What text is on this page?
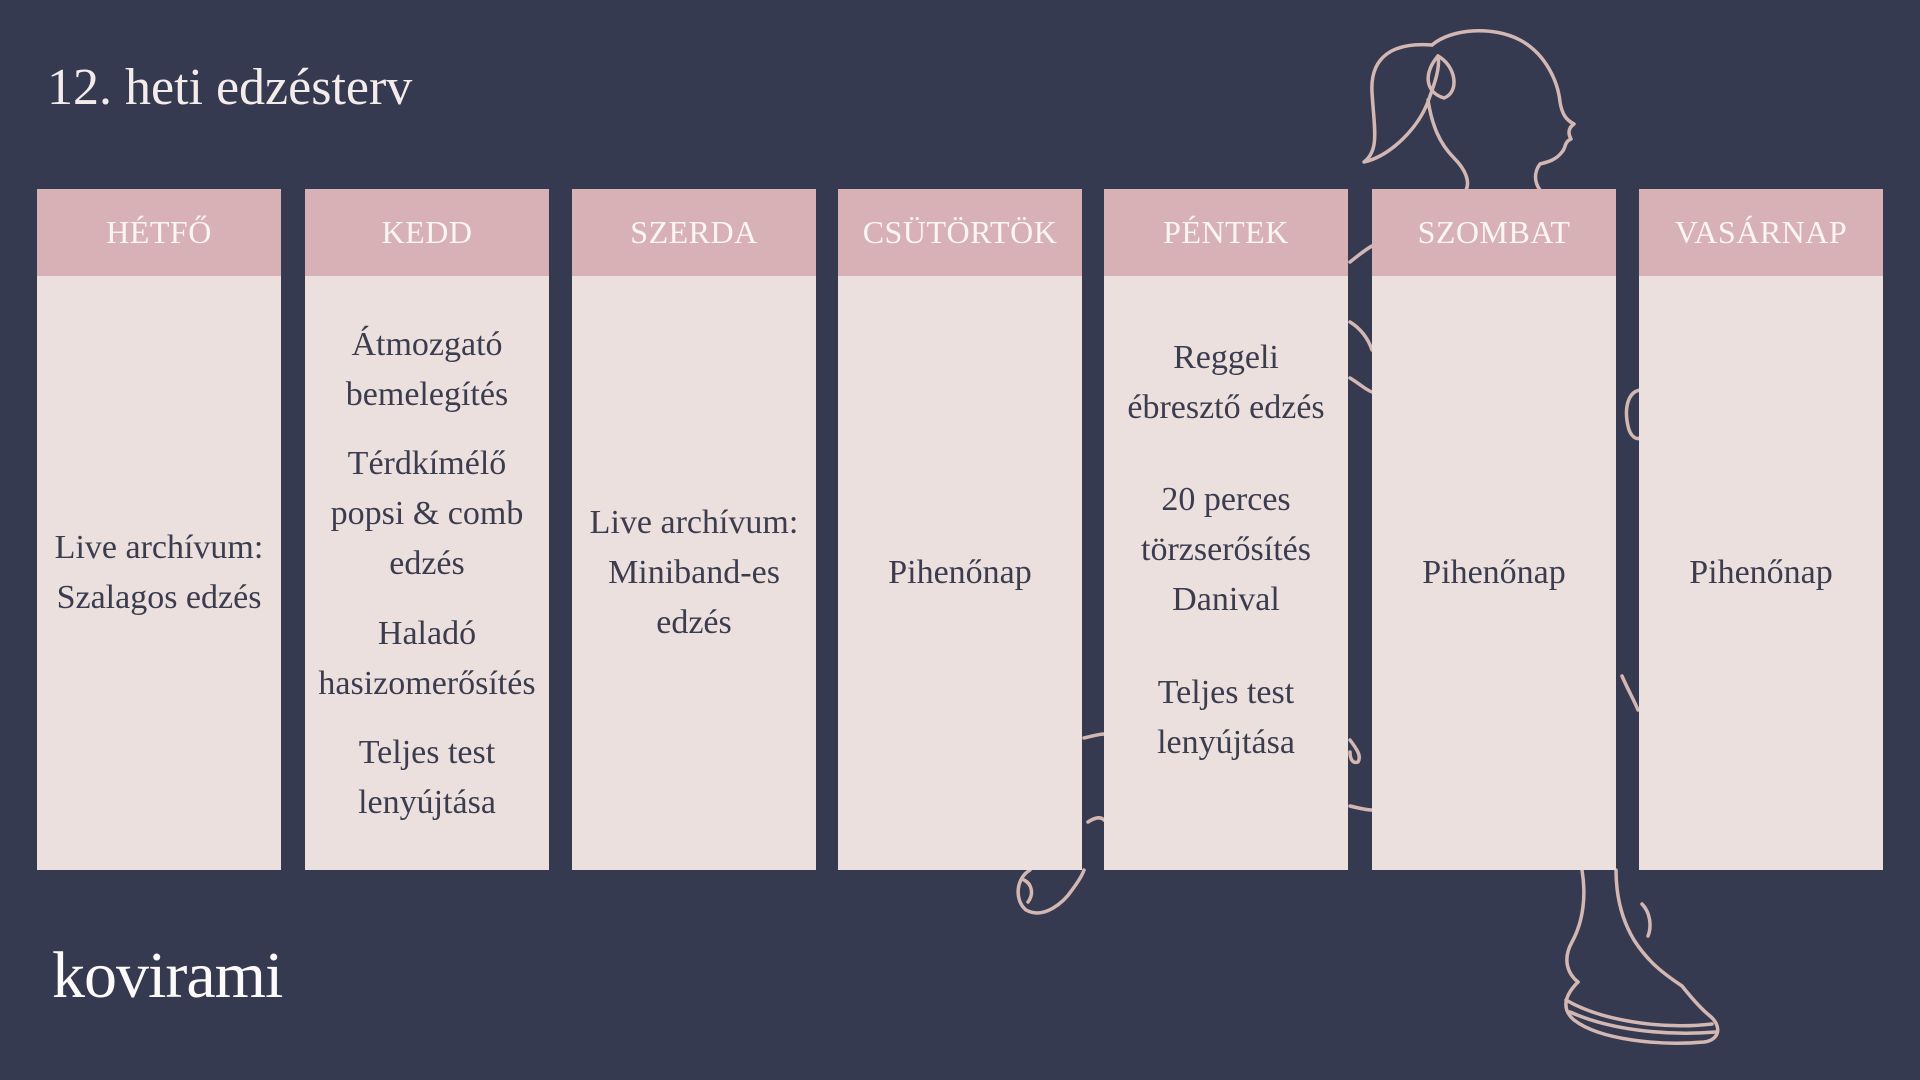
12. heti edzésterv
HÉTFŐ
Live archívum:
Szalagos edzés
KEDD
Átmozgató
bemelegítés
Térdkímélő
popsi & comb
edzés
Haladó
hasizomerősítés
Teljes test
lenyújtása
SZERDA
Live archívum:
Miniband-es
edzés
CSÜTÖRTÖK
Pihenőnap
PÉNTEK
Reggeli
ébresztő edzés
20 perces
törzserősítés
Danival
Teljes test
lenyújtása
SZOMBAT
Pihenőnap
VASÁRNAP
Pihenőnap
kovirami
